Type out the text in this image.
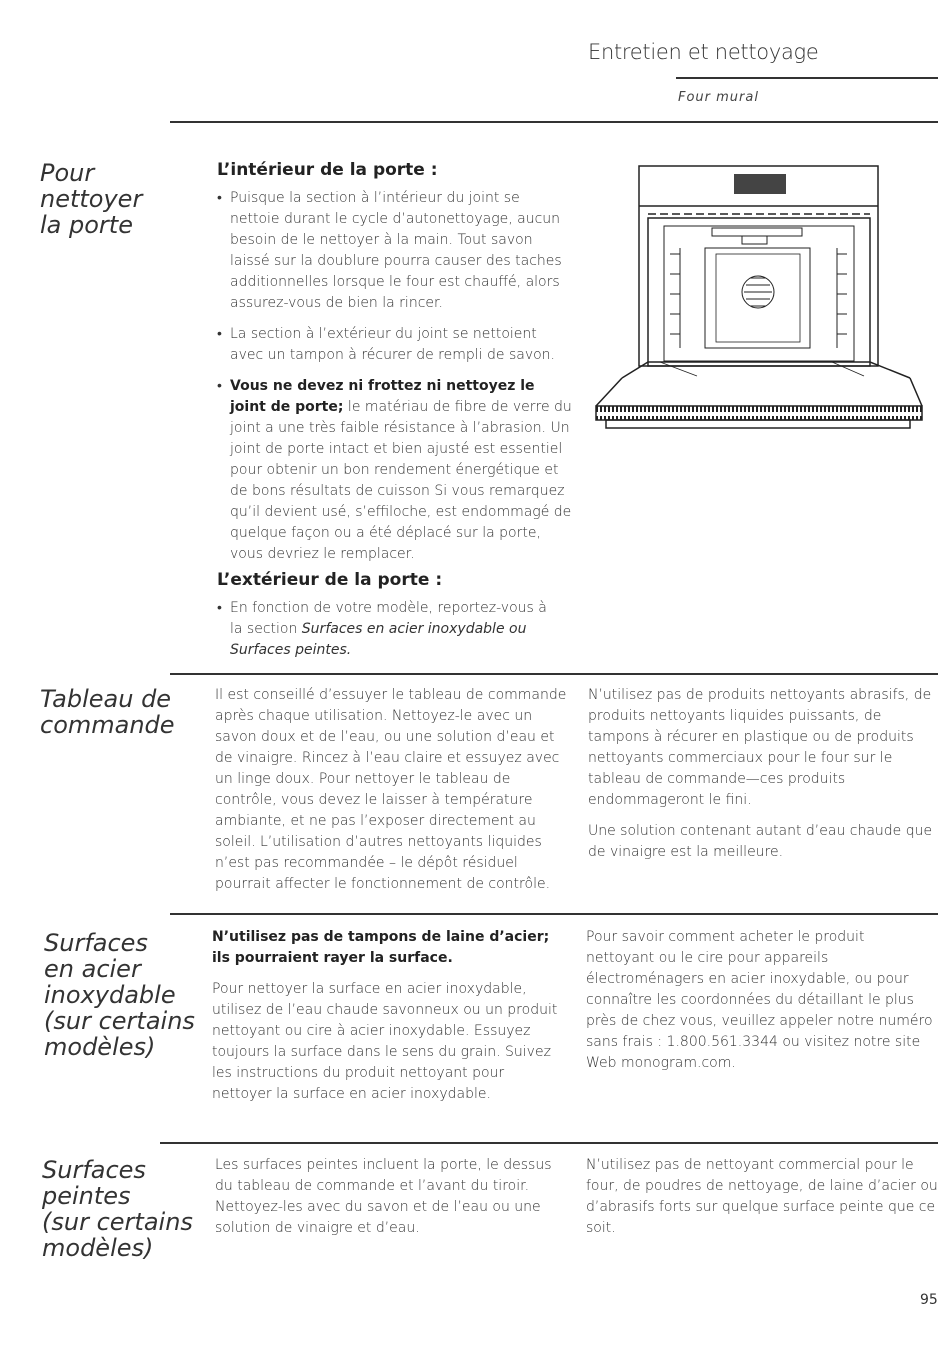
Entretien et nettoyage
Four mural
Pour
nettoyer
la porte
L’intérieur de la porte :
• Puisque la section à l’intérieur du joint se nettoie durant le cycle d’autonettoyage, aucun besoin de le nettoyer à la main. Tout savon laissé sur la doublure pourra causer des taches additionnelles lorsque le four est chauffé, alors assurez-vous de bien la rincer.
• La section à l’extérieur du joint se nettoient avec un tampon à récurer de rempli de savon.
• Vous ne devez ni frottez ni nettoyez le joint de porte; le matériau de fibre de verre du joint a une très faible résistance à l’abrasion. Un joint de porte intact et bien ajusté est essentiel pour obtenir un bon rendement énergétique et de bons résultats de cuisson Si vous remarquez qu’il devient usé, s’effiloche, est endommagé de quelque façon ou a été déplacé sur la porte, vous devriez le remplacer.
L’extérieur de la porte :
• En fonction de votre modèle, reportez-vous à la section Surfaces en acier inoxydable ou Surfaces peintes.
Tableau de
commande

Il est conseillé d’essuyer le tableau de commande après chaque utilisation. Nettoyez-le avec un savon doux et de l’eau, ou une solution d’eau et de vinaigre. Rincez à l’eau claire et essuyez avec un linge doux. Pour nettoyer le tableau de contrôle, vous devez le laisser à température ambiante, et ne pas l’exposer directement au soleil. L’utilisation d’autres nettoyants liquides n’est pas recommandée – le dépôt résiduel pourrait affecter le fonctionnement de contrôle.

N’utilisez pas de produits nettoyants abrasifs, de produits nettoyants liquides puissants, de tampons à récurer en plastique ou de produits nettoyants commerciaux pour le four sur le tableau de commande—ces produits endommageront le fini.

Une solution contenant autant d’eau chaude que de vinaigre est la meilleure.

Surfaces
en acier
inoxydable
(sur certains
modèles)

N’utilisez pas de tampons de laine d’acier; ils pourraient rayer la surface.

Pour nettoyer la surface en acier inoxydable, utilisez de l’eau chaude savonneux ou un produit nettoyant ou cire à acier inoxydable. Essuyez toujours la surface dans le sens du grain. Suivez les instructions du produit nettoyant pour nettoyer la surface en acier inoxydable.

Pour savoir comment acheter le produit nettoyant ou le cire pour appareils électroménagers en acier inoxydable, ou pour connaître les coordonnées du détaillant le plus près de chez vous, veuillez appeler notre numéro sans frais : 1.800.561.3344 ou visitez notre site Web monogram.com.

Surfaces
peintes
(sur certains
modèles)

Les surfaces peintes incluent la porte, le dessus du tableau de commande et l’avant du tiroir. Nettoyez-les avec du savon et de l’eau ou une solution de vinaigre et d’eau.

N’utilisez pas de nettoyant commercial pour le four, de poudres de nettoyage, de laine d’acier ou d’abrasifs forts sur quelque surface peinte que ce soit.

95
